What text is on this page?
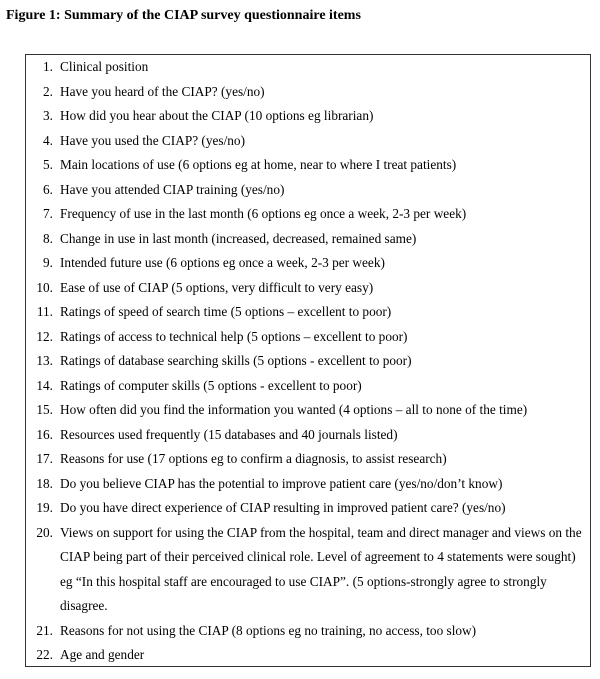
Figure 1: Summary of the CIAP survey questionnaire items
1. Clinical position
2. Have you heard of the CIAP? (yes/no)
3. How did you hear about the CIAP (10 options eg librarian)
4. Have you used the CIAP? (yes/no)
5. Main locations of use (6 options eg at home, near to where I treat patients)
6. Have you attended CIAP training (yes/no)
7. Frequency of use in the last month (6 options eg once a week, 2-3 per week)
8. Change in use in last month (increased, decreased, remained same)
9. Intended future use (6 options eg once a week, 2-3 per week)
10. Ease of use of CIAP (5 options, very difficult to very easy)
11. Ratings of speed of search time (5 options – excellent to poor)
12. Ratings of access to technical help (5 options – excellent to poor)
13. Ratings of database searching skills (5 options - excellent to poor)
14. Ratings of computer skills (5 options - excellent to poor)
15. How often did you find the information you wanted (4 options – all to none of the time)
16. Resources used frequently (15 databases and 40 journals listed)
17. Reasons for use (17 options eg to confirm a diagnosis, to assist research)
18. Do you believe CIAP has the potential to improve patient care (yes/no/don’t know)
19. Do you have direct experience of CIAP resulting in improved patient care? (yes/no)
20. Views on support for using the CIAP from the hospital, team and direct manager and views on the CIAP being part of their perceived clinical role. Level of agreement to 4 statements were sought) eg “In this hospital staff are encouraged to use CIAP”. (5 options-strongly agree to strongly disagree.
21. Reasons for not using the CIAP (8 options eg no training, no access, too slow)
22. Age and gender
